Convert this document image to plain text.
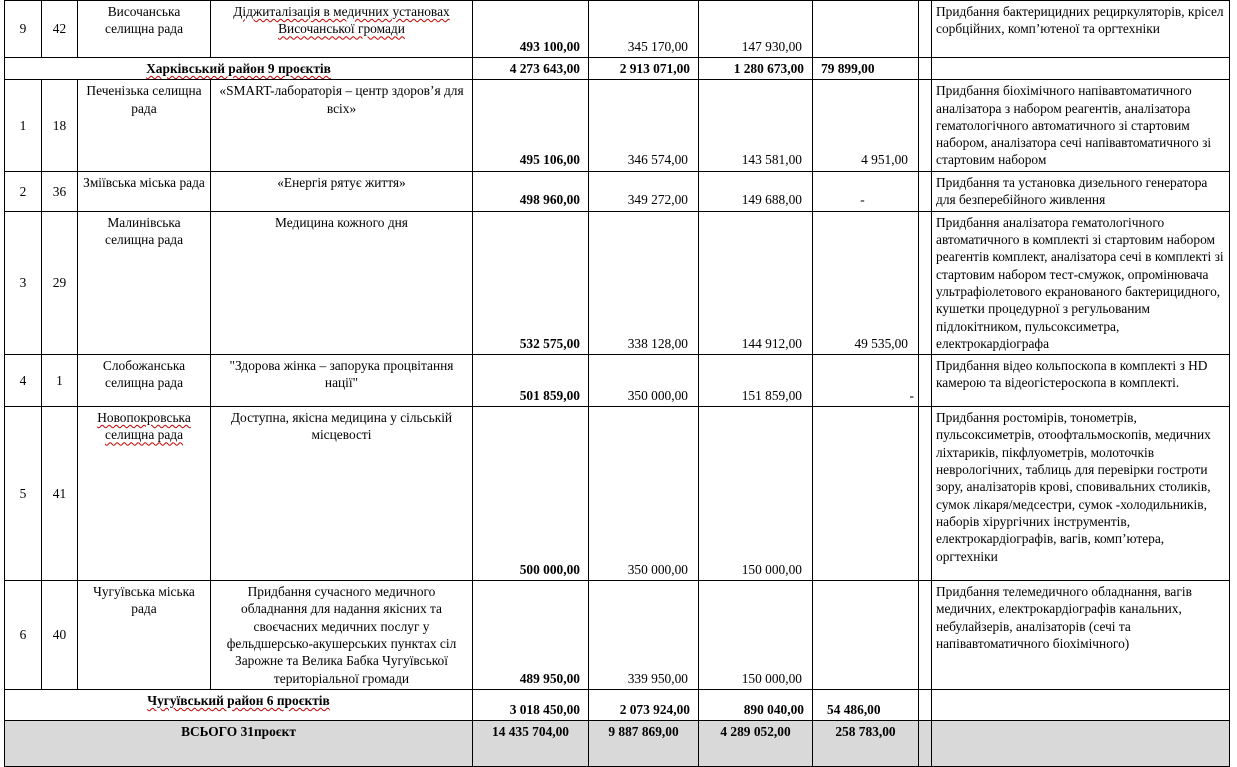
9	42	Височанська селищна рада	Діджиталізація в медичних установах Височанської громади	493 100,00	345 170,00	147 930,00			Придбання бактерицидних рециркуляторів, крісел сорбційних, комп’ютеної та оргтехніки
Харківський район 9 проєктів				4 273 643,00	2 913 071,00	1 280 673,00	79 899,00		
1	18	Печенізька селищна рада	«SMART-лабораторія – центр здоров’я для всіх»	495 106,00	346 574,00	143 581,00	4 951,00		Придбання біохімічного напівавтоматичного аналізатора з набором реагентів, аналізатора гематологічного автоматичного зі стартовим набором, аналізатора сечі напівавтоматичного зі стартовим набором
2	36	Зміївська міська рада	«Енергія рятує життя»	498 960,00	349 272,00	149 688,00	-		Придбання та установка дизельного генератора для безперебійного живлення
3	29	Малинівська селищна рада	Медицина кожного дня	532 575,00	338 128,00	144 912,00	49 535,00		Придбання аналізатора гематологічного автоматичного в комплекті зі стартовим набором реагентів комплект, аналізатора сечі в комплекті зі стартовим набором тест-смужок, опромінювача ультрафіолетового екранованого бактерицидного, кушетки процедурної з регульованим підлокітником, пульсоксиметра, електрокардіографа
4	1	Слобожанська селищна рада	"Здорова жінка – запорука процвітання нації"	501 859,00	350 000,00	151 859,00	-		Придбання відео кольпоскопа в комплекті з HD камерою та відеогістероскопа в комплекті.
5	41	Новопокровська селищна рада	Доступна, якісна медицина у сільській місцевості	500 000,00	350 000,00	150 000,00			Придбання ростомірів, тонометрів, пульсоксиметрів, отоофтальмоскопів, медичних ліхтариків, пікфлуометрів, молоточків неврологічних, таблиць для перевірки гостроти зору, аналізаторів крові, сповивальних столиків, сумок лікаря/медсестри, сумок -холодильників, наборів хірургічних інструментів, електрокардіографів, вагів, комп’ютера, оргтехніки
6	40	Чугуївська міська рада	Придбання сучасного медичного обладнання для надання якісних та своєчасних медичних послуг у фельдшерсько-акушерських пунктах сіл Зарожне та Велика Бабка Чугуївської територіальної громади	489 950,00	339 950,00	150 000,00			Придбання телемедичного обладнання, вагів медичних, електрокардіографів канальних, небулайзерів, аналізаторів (сечі та напівавтоматичного біохімічного)
Чугуївський район 6 проєктів				3 018 450,00	2 073 924,00	890 040,00	54 486,00		
ВСЬОГО 31проєкт				14 435 704,00	9 887 869,00	4 289 052,00	258 783,00		
